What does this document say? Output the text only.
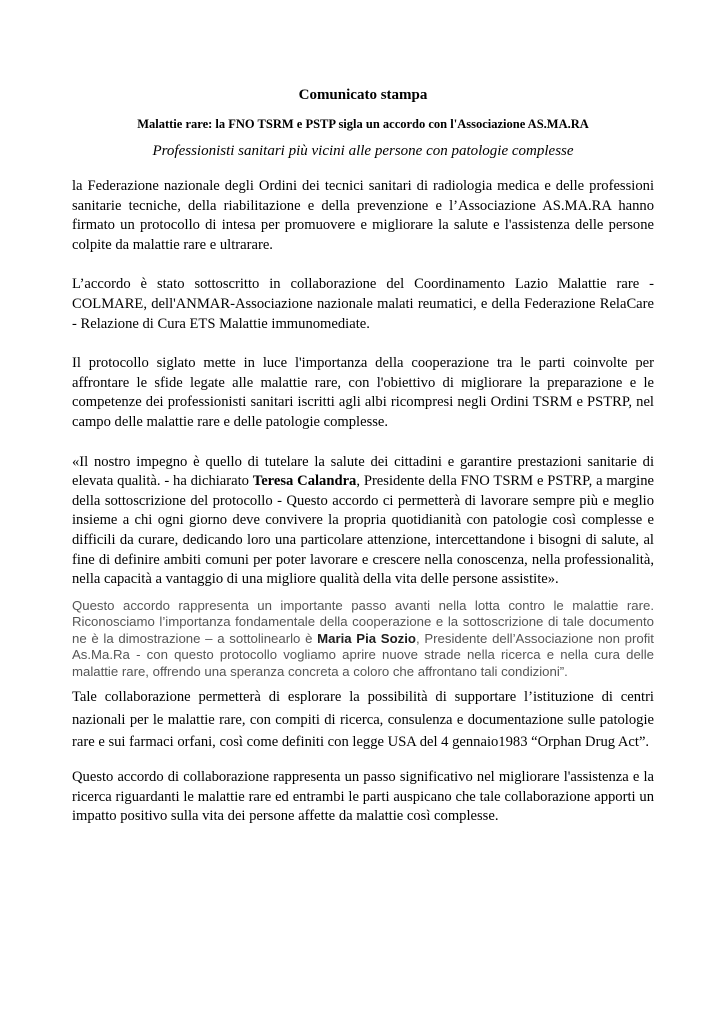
Comunicato stampa
Malattie rare: la FNO TSRM e PSTP sigla un accordo con l'Associazione AS.MA.RA
Professionisti sanitari più vicini alle persone con patologie complesse

la Federazione nazionale degli Ordini dei tecnici sanitari di radiologia medica e delle professioni sanitarie tecniche, della riabilitazione e della prevenzione e l’Associazione AS.MA.RA hanno firmato un protocollo di intesa per promuovere e migliorare la salute e l'assistenza delle persone colpite da malattie rare e ultrarare.

L’accordo è stato sottoscritto in collaborazione del Coordinamento Lazio Malattie rare - COLMARE, dell'ANMAR-Associazione nazionale malati reumatici, e della Federazione RelaCare - Relazione di Cura ETS Malattie immunomediate.

Il protocollo siglato mette in luce l'importanza della cooperazione tra le parti coinvolte per affrontare le sfide legate alle malattie rare, con l'obiettivo di migliorare la preparazione e le competenze dei professionisti sanitari iscritti agli albi ricompresi negli Ordini TSRM e PSTRP, nel campo delle malattie rare e delle patologie complesse.

«Il nostro impegno è quello di tutelare la salute dei cittadini e garantire prestazioni sanitarie di elevata qualità. - ha dichiarato Teresa Calandra, Presidente della FNO TSRM e PSTRP, a margine della sottoscrizione del protocollo - Questo accordo ci permetterà di lavorare sempre più e meglio insieme a chi ogni giorno deve convivere la propria quotidianità con patologie così complesse e difficili da curare, dedicando loro una particolare attenzione, intercettandone i bisogni di salute, al fine di definire ambiti comuni per poter lavorare e crescere nella conoscenza, nella professionalità, nella capacità a vantaggio di una migliore qualità della vita delle persone assistite».

Questo accordo rappresenta un importante passo avanti nella lotta contro le malattie rare. Riconosciamo l’importanza fondamentale della cooperazione e la sottoscrizione di tale documento ne è la dimostrazione – a sottolinearlo è Maria Pia Sozio, Presidente dell’Associazione non profit As.Ma.Ra - con questo protocollo vogliamo aprire nuove strade nella ricerca e nella cura delle malattie rare, offrendo una speranza concreta a coloro che affrontano tali condizioni”.

Tale collaborazione permetterà di esplorare la possibilità di supportare l’istituzione di centri nazionali per le malattie rare, con compiti di ricerca, consulenza e documentazione sulle patologie rare e sui farmaci orfani, così come definiti con legge USA del 4 gennaio1983 “Orphan Drug Act”.

Questo accordo di collaborazione rappresenta un passo significativo nel migliorare l'assistenza e la ricerca riguardanti le malattie rare ed entrambi le parti auspicano che tale collaborazione apporti un impatto positivo sulla vita dei persone affette da malattie così complesse.
